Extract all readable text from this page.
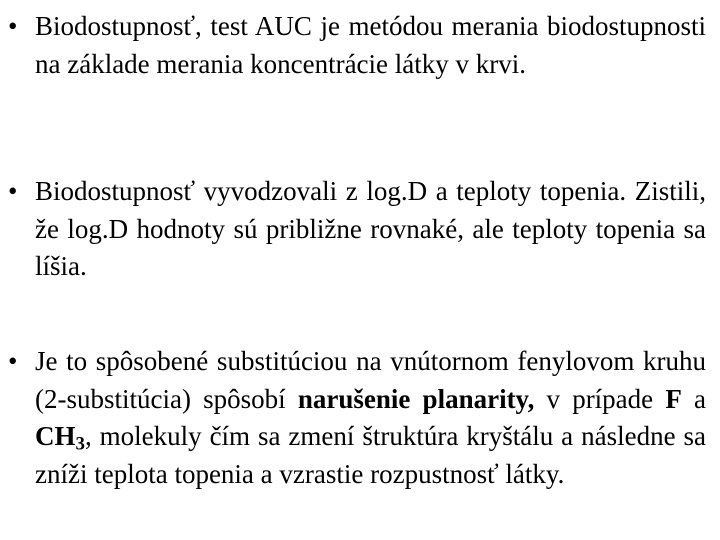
• Biodostupnosť, test AUC je metódou merania biodostupnosti na základe merania koncentrácie látky v krvi.
• Biodostupnosť vyvodzovali z log.D a teploty topenia. Zistili, že log.D hodnoty sú približne rovnaké, ale teploty topenia sa líšia.
• Je to spôsobené substitúciou na vnútornom fenylovom kruhu (2-substitúcia) spôsobí narušenie planarity, v prípade F a $CH_3$, molekuly čím sa zmení štruktúra kryštálu a následne sa zníži teplota topenia a vzrastie rozpustnosť látky.
